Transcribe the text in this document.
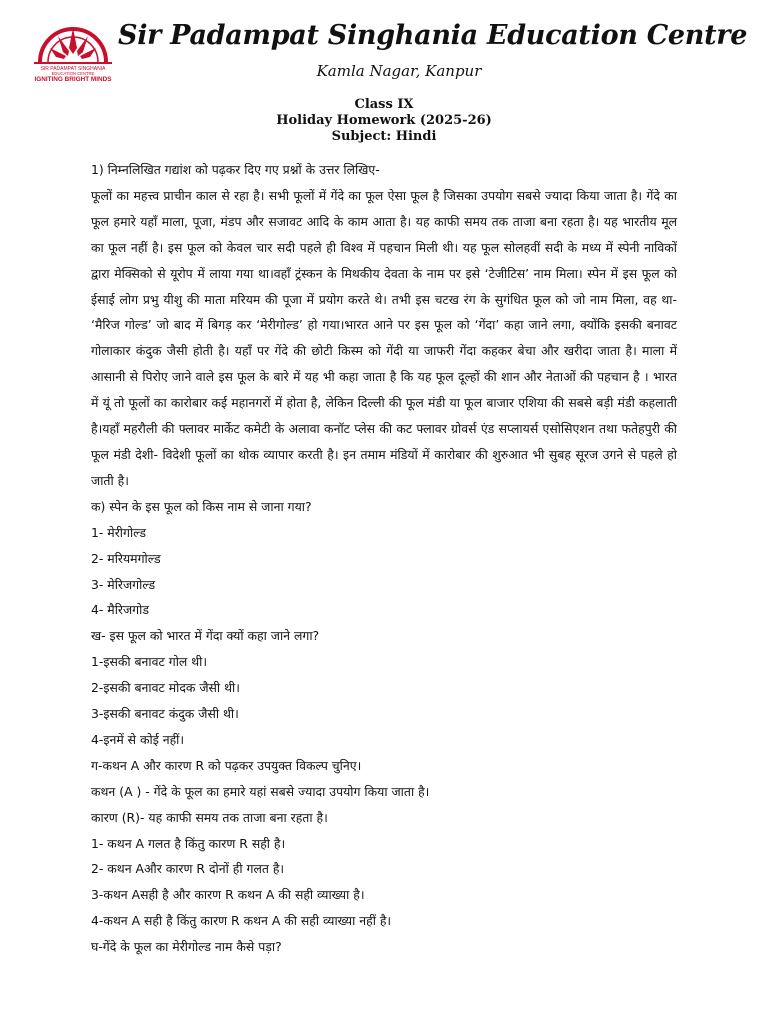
SIR PADAMPAT SINGHANIA
EDUCATION CENTRE
IGNITING BRIGHT MINDS
Sir Padampat Singhania Education Centre
Kamla Nagar, Kanpur
Class IX
Holiday Homework (2025-26)
Subject: Hindi

1) निम्नलिखित गद्यांश को पढ़कर दिए गए प्रश्नों के उत्तर लिखिए-

फूलों का महत्त्व प्राचीन काल से रहा है। सभी फूलों में गेंदे का फूल ऐसा फूल है जिसका उपयोग सबसे ज्यादा किया जाता है। गेंदे का फूल हमारे यहाँ माला, पूजा, मंडप और सजावट आदि के काम आता है। यह काफी समय तक ताजा बना रहता है। यह भारतीय मूल का फूल नहीं है। इस फूल को केवल चार सदी पहले ही विश्व में पहचान मिली थी। यह फूल सोलहवीं सदी के मध्य में स्पेनी नाविकों द्वारा मेक्सिको से यूरोप में लाया गया था।वहाँ ट्रंस्कन के मिथकीय देवता के नाम पर इसे ‘टेजीटिस’ नाम मिला। स्पेन में इस फूल को ईसाई लोग प्रभु यीशु की माता मरियम की पूजा में प्रयोग करते थे। तभी इस चटख रंग के सुगंधित फूल को जो नाम मिला, वह था- ‘मैरिज गोल्ड’ जो बाद में बिगड़ कर ‘मेरीगोल्ड’ हो गया।भारत आने पर इस फूल को ‘गेंदा’ कहा जाने लगा, क्योंकि इसकी बनावट गोलाकार कंदुक जैसी होती है। यहाँ पर गेंदे की छोटी किस्म को गेंदी या जाफरी गेंदा कहकर बेचा और खरीदा जाता है। माला में आसानी से पिरोए जाने वाले इस फूल के बारे में यह भी कहा जाता है कि यह फूल दूल्हों की शान और नेताओं की पहचान है । भारत में यूं तो फूलों का कारोबार कई महानगरों में होता है, लेकिन दिल्ली की फूल मंडी या फूल बाजार एशिया की सबसे बड़ी मंडी कहलाती है।यहाँ महरौली की फ्लावर मार्केट कमेटी के अलावा कनॉट प्लेस की कट फ्लावर ग्रोवर्स एंड सप्लायर्स एसोसिएशन तथा फतेहपुरी की फूल मंडी देशी- विदेशी फूलों का थोक व्यापार करती है। इन तमाम मंडियों में कारोबार की शुरुआत भी सुबह सूरज उगने से पहले हो जाती है।

क) स्पेन के इस फूल को किस नाम से जाना गया?

1- मेरीगोल्ड

2- मरियमगोल्ड

3- मेरिजगोल्ड

4- मैरिजगोड

ख- इस फूल को भारत में गेंदा क्यों कहा जाने लगा?

1-इसकी बनावट गोल थी।

2-इसकी बनावट मोदक जैसी थी।

3-इसकी बनावट कंदुक जैसी थी।

4-इनमें से कोई नहीं।

ग-कथन A और कारण R को पढ़कर उपयुक्त विकल्प चुनिए।

कथन (A ) - गेंदे के फूल का हमारे यहां सबसे ज्यादा उपयोग किया जाता है।

कारण (R)- यह काफी समय तक ताजा बना रहता है।

1- कथन A गलत है किंतु कारण R सही है।

2- कथन Aऔर कारण R दोनों ही गलत है।

3-कथन Aसही है और कारण R कथन A की सही व्याख्या है।

4-कथन A सही है किंतु कारण R कथन A की सही व्याख्या नहीं है।

घ-गेंदे के फूल का मेरीगोल्ड नाम कैसे पड़ा?
